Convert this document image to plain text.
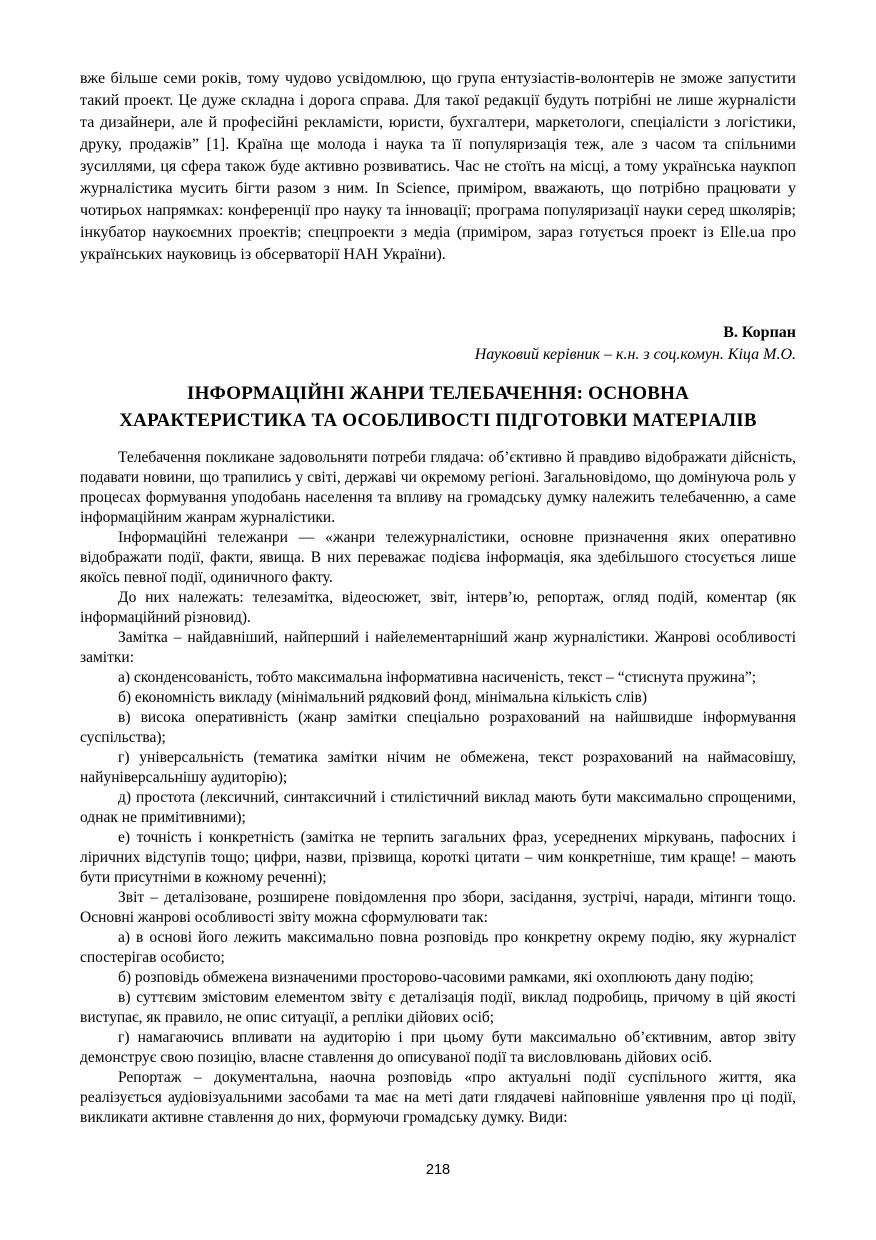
вже більше семи років, тому чудово усвідомлюю, що група ентузіастів-волонтерів не зможе запустити такий проект. Це дуже складна і дорога справа. Для такої редакції будуть потрібні не лише журналісти та дизайнери, але й професійні рекламісти, юристи, бухгалтери, маркетологи, спеціалісти з логістики, друку, продажів” [1]. Країна ще молода і наука та її популяризація теж, але з часом та спільними зусиллями, ця сфера також буде активно розвиватись. Час не стоїть на місці, а тому українська наукпоп журналістика мусить бігти разом з ним. In Science, приміром, вважають, що потрібно працювати у чотирьох напрямках: конференції про науку та інновації; програма популяризації науки серед школярів; інкубатор наукоємних проектів; спецпроекти з медіа (приміром, зараз готується проект із Elle.ua про українських науковиць із обсерваторії НАН України).

В. Корпан
Науковий керівник – к.н. з соц.комун. Кіца М.О.
ІНФОРМАЦІЙНІ ЖАНРИ ТЕЛЕБАЧЕННЯ: ОСНОВНА ХАРАКТЕРИСТИКА ТА ОСОБЛИВОСТІ ПІДГОТОВКИ МАТЕРІАЛІВ

Телебачення покликане задовольняти потреби глядача: об’єктивно й правдиво відображати дійсність, подавати новини, що трапились у світі, державі чи окремому регіоні. Загальновідомо, що домінуюча роль у процесах формування уподобань населення та впливу на громадську думку належить телебаченню, а саме інформаційним жанрам журналістики.

Інформаційні тележанри — «жанри тележурналістики, основне призначення яких оперативно відображати події, факти, явища. В них переважає подієва інформація, яка здебільшого стосується лише якоїсь певної події, одиничного факту.

До них належать: телезамітка, відеосюжет, звіт, інтерв’ю, репортаж, огляд подій, коментар (як інформаційний різновид).

Замітка – найдавніший, найперший і найелементарніший жанр журналістики. Жанрові особливості замітки:

а) сконденсованість, тобто максимальна інформативна насиченість, текст – “стиснута пружина”;

б) економність викладу (мінімальний рядковий фонд, мінімальна кількість слів)

в) висока оперативність (жанр замітки спеціально розрахований на найшвидше інформування суспільства);

г) універсальність (тематика замітки нічим не обмежена, текст розрахований на наймасовішу, найуніверсальнішу аудиторію);

д) простота (лексичний, синтаксичний і стилістичний виклад мають бути максимально спрощеними, однак не примітивними);

е) точність і конкретність (замітка не терпить загальних фраз, усереднених міркувань, пафосних і ліричних відступів тощо; цифри, назви, прізвища, короткі цитати – чим конкретніше, тим краще! – мають бути присутніми в кожному реченні);

Звіт – деталізоване, розширене повідомлення про збори, засідання, зустрічі, наради, мітинги тощо. Основні жанрові особливості звіту можна сформулювати так:

а) в основі його лежить максимально повна розповідь про конкретну окрему подію, яку журналіст спостерігав особисто;

б) розповідь обмежена визначеними просторово-часовими рамками, які охоплюють дану подію;

в) суттєвим змістовим елементом звіту є деталізація події, виклад подробиць, причому в цій якості виступає, як правило, не опис ситуації, а репліки дійових осіб;

г) намагаючись впливати на аудиторію і при цьому бути максимально об’єктивним, автор звіту демонструє свою позицію, власне ставлення до описуваної події та висловлювань дійових осіб.

Репортаж – документальна, наочна розповідь «про актуальні події суспільного життя, яка реалізується аудіовізуальними засобами та має на меті дати глядачеві найповніше уявлення про ці події, викликати активне ставлення до них, формуючи громадську думку. Види:

218
